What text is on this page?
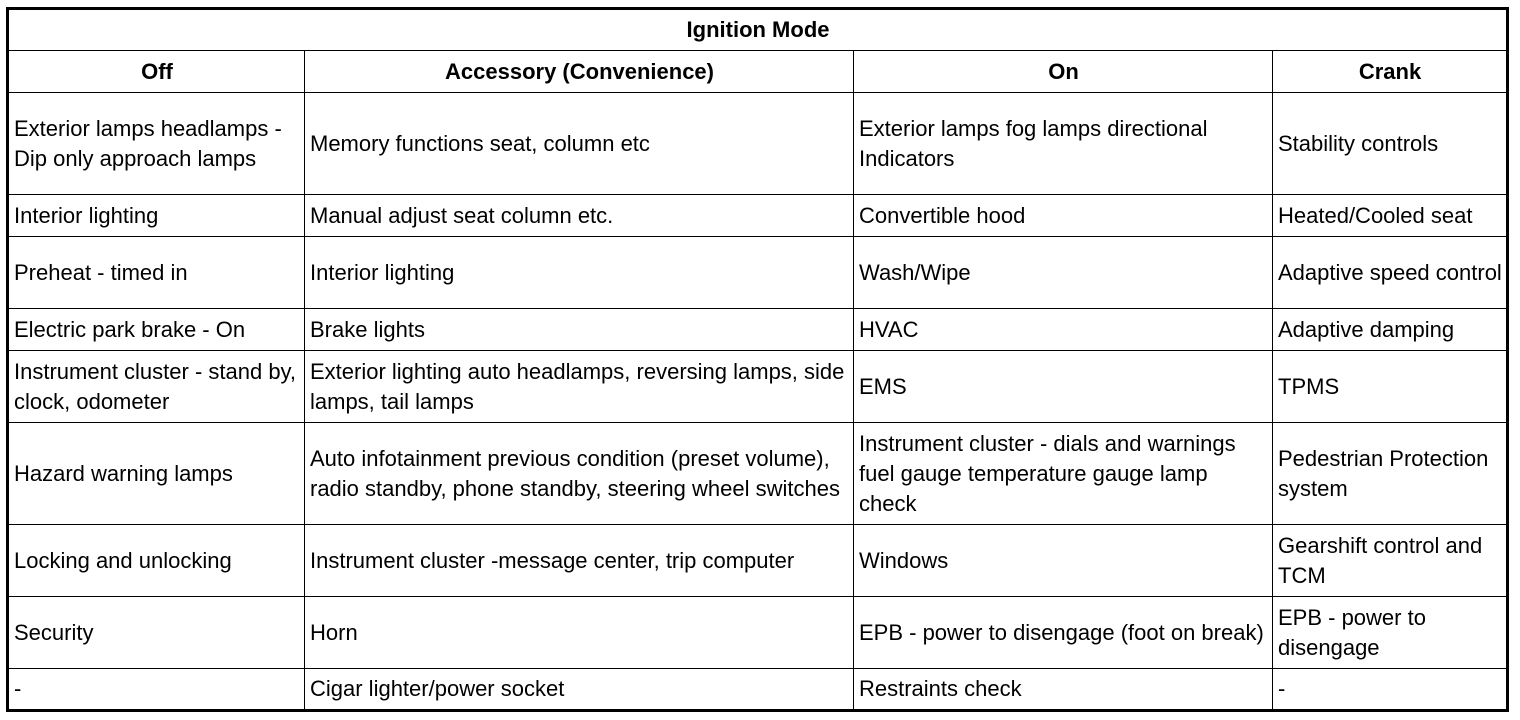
Ignition Mode			
Off	Accessory (Convenience)	On	Crank
Exterior lamps headlamps - Dip only approach lamps	Memory functions seat, column etc	Exterior lamps fog lamps directional Indicators	Stability controls
Interior lighting	Manual adjust seat column etc.	Convertible hood	Heated/Cooled seat
Preheat - timed in	Interior lighting	Wash/Wipe	Adaptive speed control
Electric park brake - On	Brake lights	HVAC	Adaptive damping
Instrument cluster - stand by, clock, odometer	Exterior lighting auto headlamps, reversing lamps, side lamps, tail lamps	EMS	TPMS
Hazard warning lamps	Auto infotainment previous condition (preset volume), radio standby, phone standby, steering wheel switches	Instrument cluster - dials and warnings fuel gauge temperature gauge lamp check	Pedestrian Protection system
Locking and unlocking	Instrument cluster -message center, trip computer	Windows	Gearshift control and TCM
Security	Horn	EPB - power to disengage (foot on break)	EPB - power to disengage
-	Cigar lighter/power socket	Restraints check	-
